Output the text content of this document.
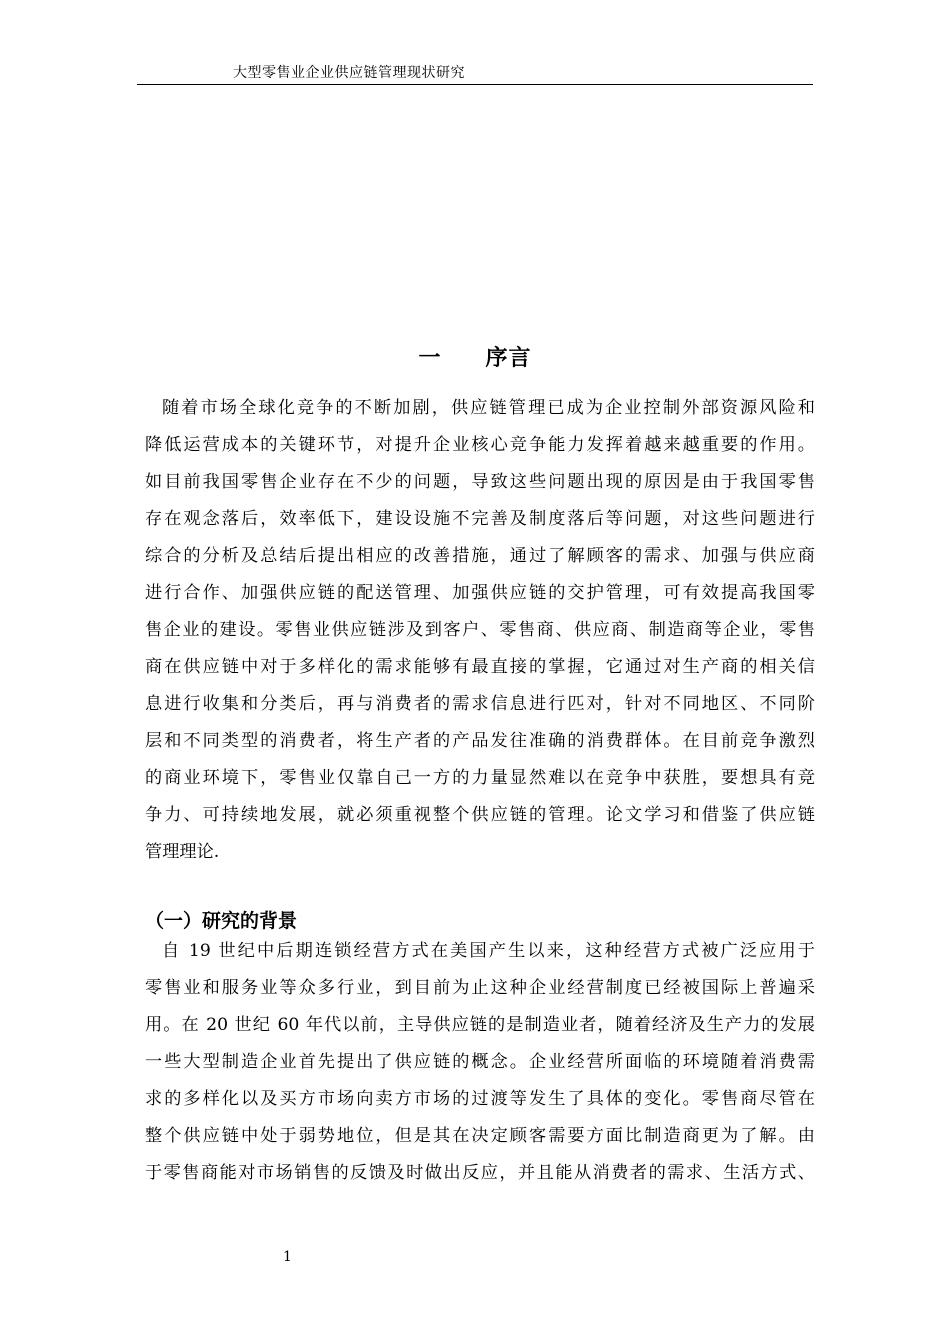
大型零售业企业供应链管理现状研究
一 序言
随着市场全球化竞争的不断加剧，供应链管理已成为企业控制外部资源风险和
降低运营成本的关键环节，对提升企业核心竞争能力发挥着越来越重要的作用。
如目前我国零售企业存在不少的问题，导致这些问题出现的原因是由于我国零售
存在观念落后，效率低下，建设设施不完善及制度落后等问题，对这些问题进行
综合的分析及总结后提出相应的改善措施，通过了解顾客的需求、加强与供应商
进行合作、加强供应链的配送管理、加强供应链的交护管理，可有效提高我国零
售企业的建设。零售业供应链涉及到客户、零售商、供应商、制造商等企业，零售
商在供应链中对于多样化的需求能够有最直接的掌握，它通过对生产商的相关信
息进行收集和分类后，再与消费者的需求信息进行匹对，针对不同地区、不同阶
层和不同类型的消费者，将生产者的产品发往准确的消费群体。在目前竞争激烈
的商业环境下，零售业仅靠自己一方的力量显然难以在竞争中获胜，要想具有竞
争力、可持续地发展，就必须重视整个供应链的管理。论文学习和借鉴了供应链
管理理论.
（一）研究的背景
自 19 世纪中后期连锁经营方式在美国产生以来，这种经营方式被广泛应用于
零售业和服务业等众多行业，到目前为止这种企业经营制度已经被国际上普遍采
用。在 20 世纪 60 年代以前，主导供应链的是制造业者，随着经济及生产力的发展
一些大型制造企业首先提出了供应链的概念。企业经营所面临的环境随着消费需
求的多样化以及买方市场向卖方市场的过渡等发生了具体的变化。零售商尽管在
整个供应链中处于弱势地位，但是其在决定顾客需要方面比制造商更为了解。由
于零售商能对市场销售的反馈及时做出反应，并且能从消费者的需求、生活方式、
1
